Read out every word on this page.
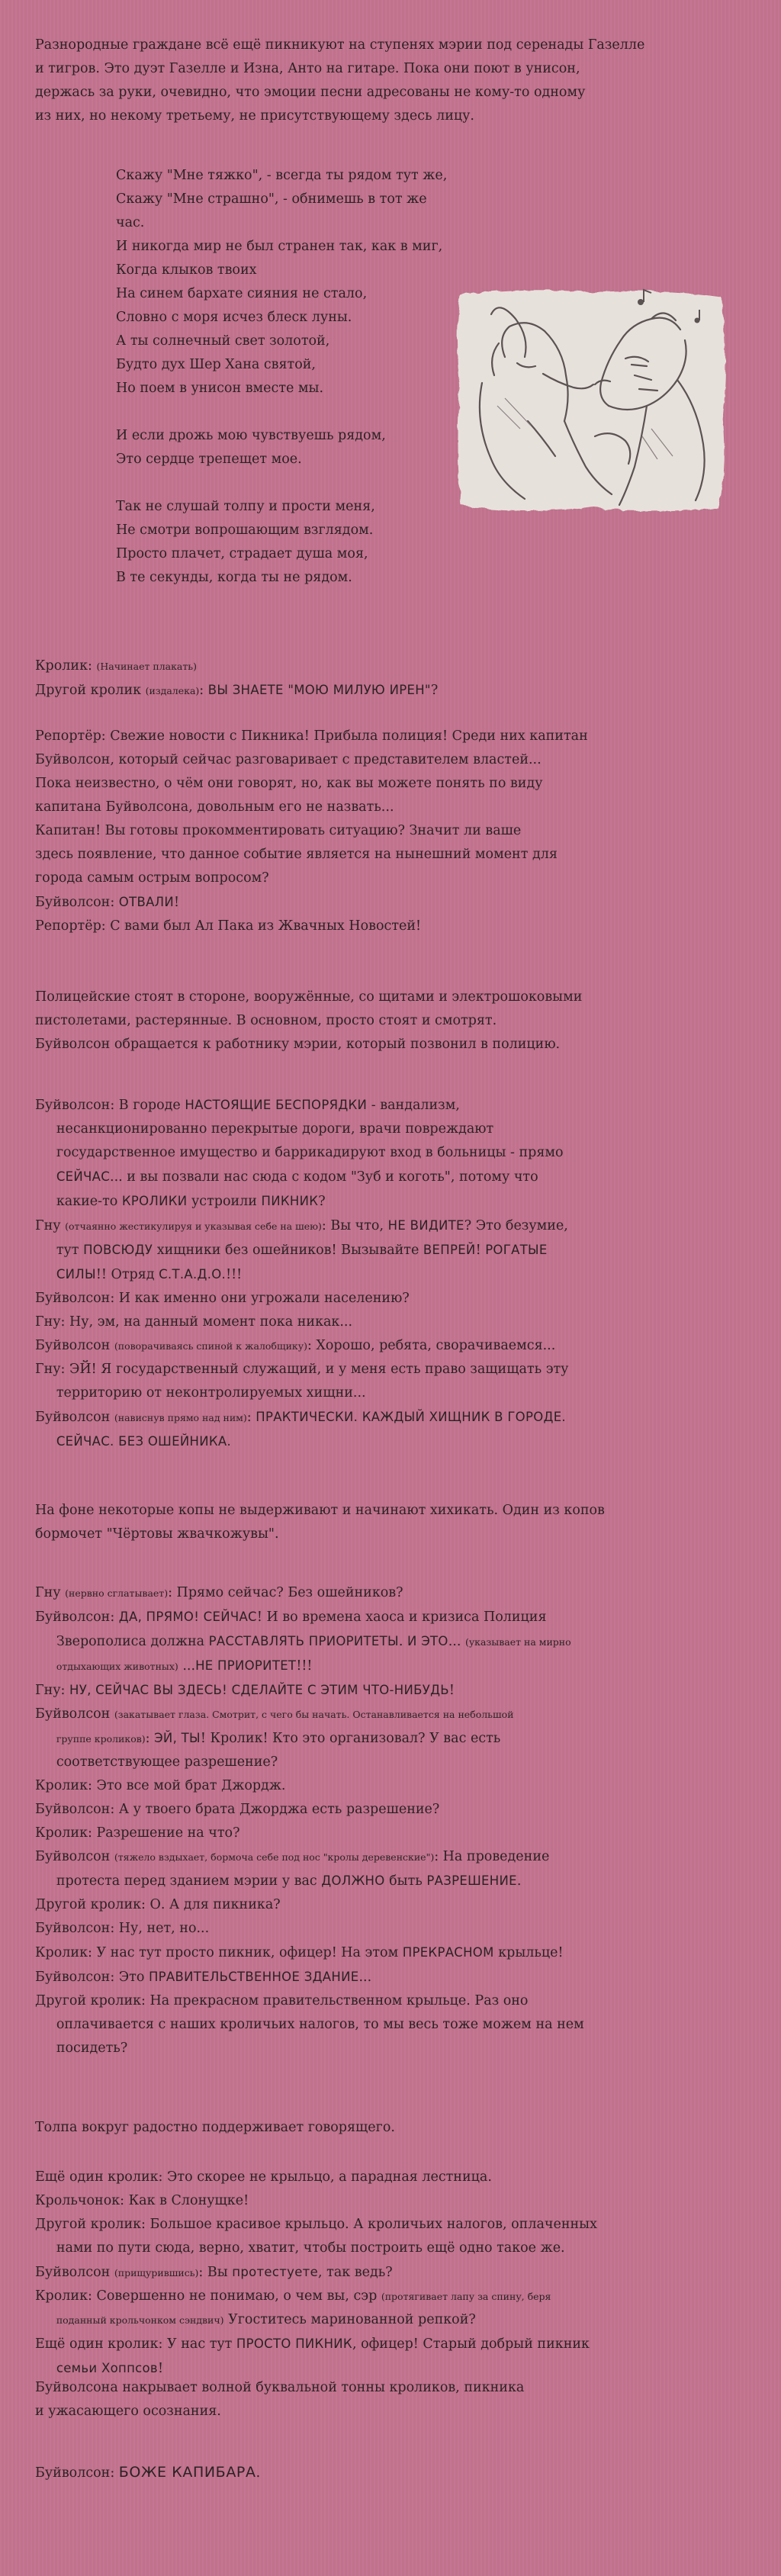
Разнородные граждане всё ещё пикникуют на ступенях мэрии под серенады Газелле
и тигров. Это дуэт Газелле и Изна, Анто на гитаре. Пока они поют в унисон,
держась за руки, очевидно, что эмоции песни адресованы не кому-то одному
из них, но некому третьему, не присутствующему здесь лицу.
Скажу "Мне тяжко", - всегда ты рядом тут же,
Скажу "Мне страшно", - обнимешь в тот же час.
И никогда мир не был странен так, как в миг,
Когда клыков твоих
На синем бархате сияния не стало,
Словно с моря исчез блеск луны.
А ты солнечный свет золотой,
Будто дух Шер Хана святой,
Но поем в унисон вместе мы.

И если дрожь мою чувствуешь рядом,
Это сердце трепещет мое.

Так не слушай толпу и прости меня,
Не смотри вопрошающим взглядом.
Просто плачет, страдает душа моя,
В те секунды, когда ты не рядом.
Кролик: (Начинает плакать)
Другой кролик (издалека): ВЫ ЗНАЕТЕ "МОЮ МИЛУЮ ИРЕН"?
Репортёр: Свежие новости с Пикника! Прибыла полиция! Среди них капитан
Буйволсон, который сейчас разговаривает с представителем властей...
Пока неизвестно, о чём они говорят, но, как вы можете понять по виду
капитана Буйволсона, довольным его не назвать...
Капитан! Вы готовы прокомментировать ситуацию? Значит ли ваше
здесь появление, что данное событие является на нынешний момент для
города самым острым вопросом?
Буйволсон: ОТВАЛИ!
Репортёр: С вами был Ал Пака из Жвачных Новостей!
Полицейские стоят в стороне, вооружённые, со щитами и электрошоковыми
пистолетами, растерянные. В основном, просто стоят и смотрят.
Буйволсон обращается к работнику мэрии, который позвонил в полицию.
Буйволсон: В городе НАСТОЯЩИЕ БЕСПОРЯДКИ - вандализм,
несанкционированно перекрытые дороги, врачи повреждают
государственное имущество и баррикадируют вход в больницы - прямо
СЕЙЧАС... и вы позвали нас сюда с кодом "Зуб и коготь", потому что
какие-то КРОЛИКИ устроили ПИКНИК?
Гну (отчаянно жестикулируя и указывая себе на шею): Вы что, НЕ ВИДИТЕ? Это безумие,
тут ПОВСЮДУ хищники без ошейников! Вызывайте ВЕПРЕЙ! РОГАТЫЕ
СИЛЫ!! Отряд С.Т.А.Д.О.!!!
Буйволсон: И как именно они угрожали населению?
Гну: Ну, эм, на данный момент пока никак...
Буйволсон (поворачиваясь спиной к жалобщику): Хорошо, ребята, сворачиваемся...
Гну: ЭЙ! Я государственный служащий, и у меня есть право защищать эту
территорию от неконтролируемых хищни...
Буйволсон (нависнув прямо над ним): ПРАКТИЧЕСКИ. КАЖДЫЙ ХИЩНИК В ГОРОДЕ.
СЕЙЧАС. БЕЗ ОШЕЙНИКА.
На фоне некоторые копы не выдерживают и начинают хихикать. Один из копов
бормочет "Чёртовы жвачкожувы".
Гну (нервно сглатывает): Прямо сейчас? Без ошейников?
Буйволсон: ДА, ПРЯМО! СЕЙЧАС! И во времена хаоса и кризиса Полиция
Зверополиса должна РАССТАВЛЯТЬ ПРИОРИТЕТЫ. И ЭТО... (указывает на мирно
отдыхающих животных) ...НЕ ПРИОРИТЕТ!!!
Гну: НУ, СЕЙЧАС ВЫ ЗДЕСЬ! СДЕЛАЙТЕ С ЭТИМ ЧТО-НИБУДЬ!
Буйволсон (закатывает глаза. Смотрит, с чего бы начать. Останавливается на небольшой
группе кроликов): ЭЙ, ТЫ! Кролик! Кто это организовал? У вас есть
соответствующее разрешение?
Кролик: Это все мой брат Джордж.
Буйволсон: А у твоего брата Джорджа есть разрешение?
Кролик: Разрешение на что?
Буйволсон (тяжело вздыхает, бормоча себе под нос "кролы деревенские"): На проведение
протеста перед зданием мэрии у вас ДОЛЖНО быть РАЗРЕШЕНИЕ.
Другой кролик: О. А для пикника?
Буйволсон: Ну, нет, но...
Кролик: У нас тут просто пикник, офицер! На этом ПРЕКРАСНОМ крыльце!
Буйволсон: Это ПРАВИТЕЛЬСТВЕННОЕ ЗДАНИЕ...
Другой кролик: На прекрасном правительственном крыльце. Раз оно
оплачивается с наших кроличьих налогов, то мы весь тоже можем на нем
посидеть?
Толпа вокруг радостно поддерживает говорящего.
Ещё один кролик: Это скорее не крыльцо, а парадная лестница.
Крольчонок: Как в Слонущке!
Другой кролик: Большое красивое крыльцо. А кроличьих налогов, оплаченных
нами по пути сюда, верно, хватит, чтобы построить ещё одно такое же.
Буйволсон (прищурившись): Вы протестуете, так ведь?
Кролик: Совершенно не понимаю, о чем вы, сэр (протягивает лапу за спину, беря
поданный крольчонком сэндвич) Угоститесь маринованной репкой?
Ещё один кролик: У нас тут ПРОСТО ПИКНИК, офицер! Старый добрый пикник
семьи Хоппсов!
Буйволсона накрывает волной буквальной тонны кроликов, пикника
и ужасающего осознания.
Буйволсон: БОЖЕ КАПИБАРА.
